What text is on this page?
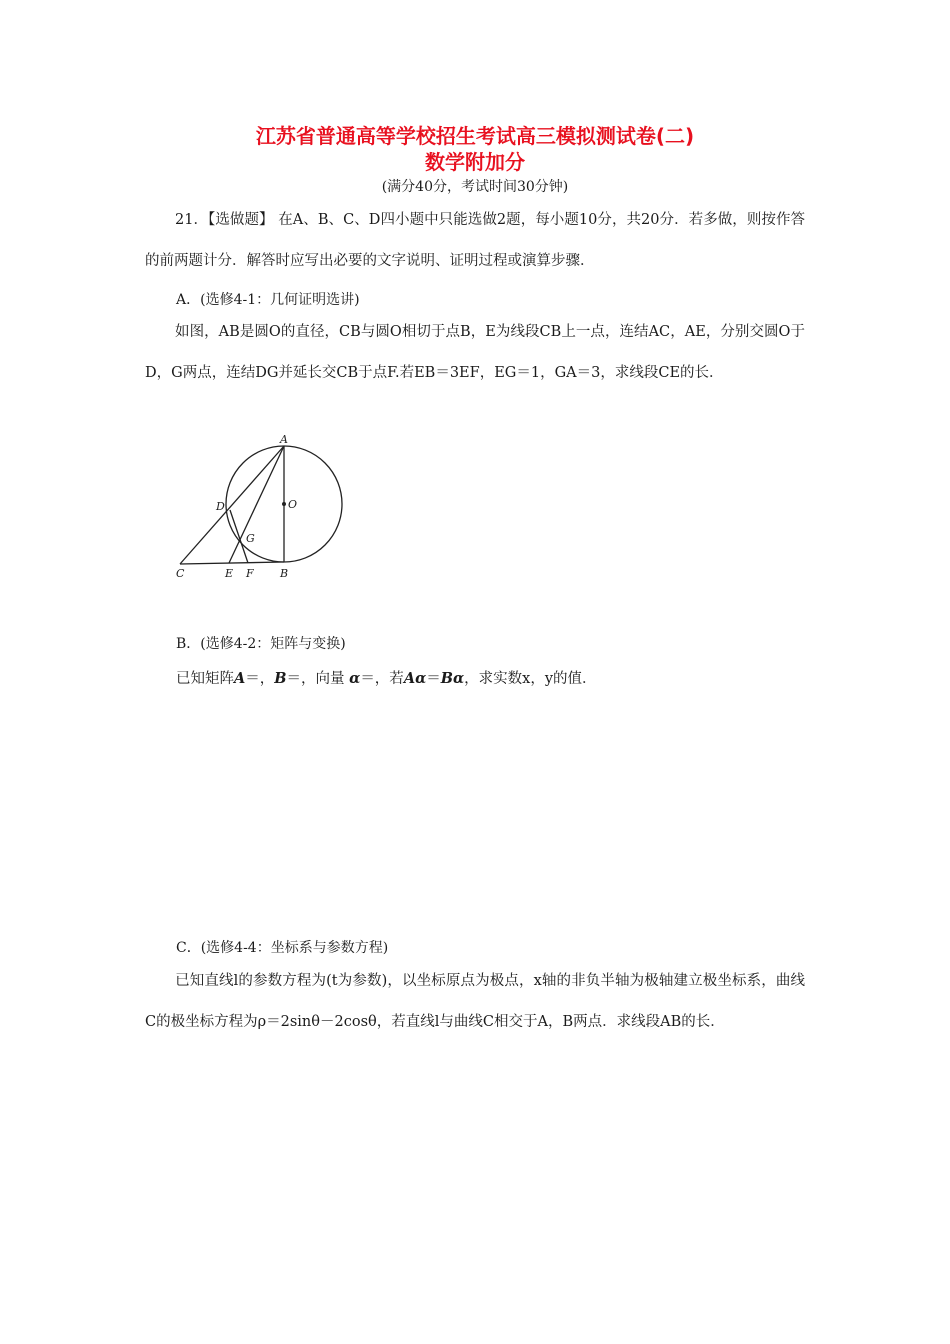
江苏省普通高等学校招生考试高三模拟测试卷(二)
数学附加分
(满分40分，考试时间30分钟)
21．【选做题】 在A、B、C、D四小题中只能选做2题，每小题10分，共20分．若多做，则按作答的前两题计分．解答时应写出必要的文字说明、证明过程或演算步骤．
A．(选修4-1：几何证明选讲)
如图，AB是圆O的直径，CB与圆O相切于点B，E为线段CB上一点，连结AC，AE，分别交圆O于D，G两点，连结DG并延长交CB于点F.若EB＝3EF，EG＝1，GA＝3，求线段CE的长．
A
O
D
G
C	E F B
B．(选修4-2：矩阵与变换)
已知矩阵A＝，B＝，向量 α＝，若Aα＝Bα，求实数x，y的值．
C．(选修4-4：坐标系与参数方程)
已知直线l的参数方程为(t为参数)，以坐标原点为极点，x轴的非负半轴为极轴建立极坐标系，曲线C的极坐标方程为ρ＝2sinθ－2cosθ，若直线l与曲线C相交于A，B两点．求线段AB的长．
